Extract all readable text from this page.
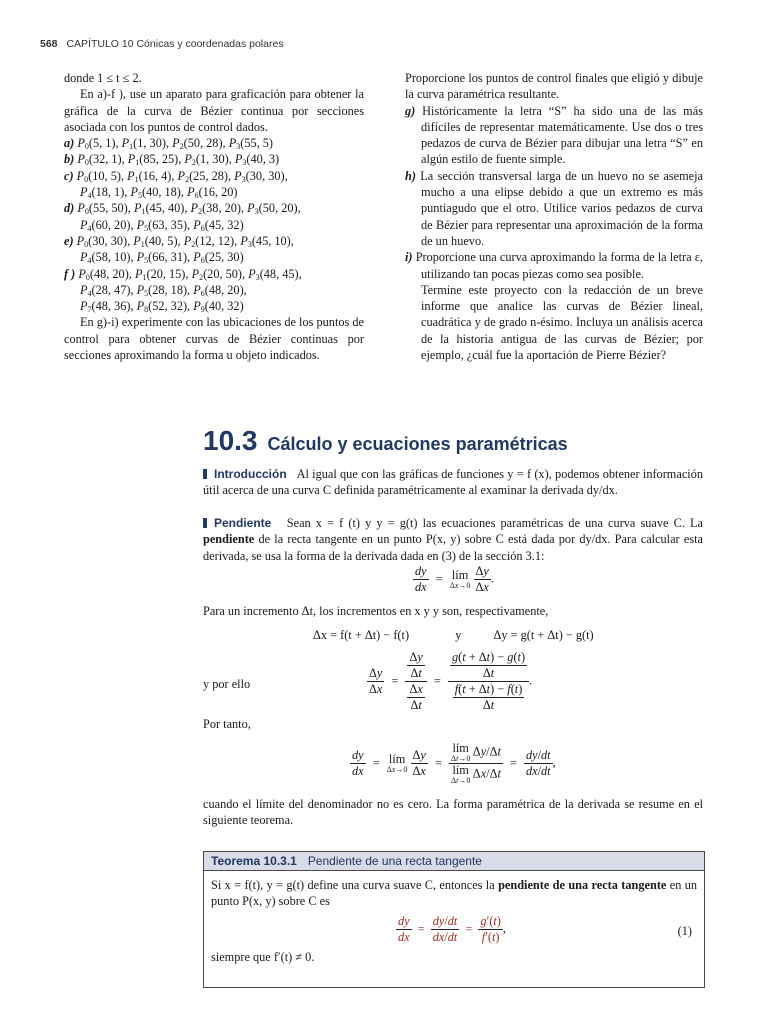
568 CAPÍTULO 10 Cónicas y coordenadas polares

donde 1 ≤ t ≤ 2.

En a)-f ), use un aparato para graficación para obtener la gráfica de la curva de Bézier continua por secciones asociada con los puntos de control dados.

a) $P_0(5$, 1), $P_1(1$, 30), $P_2(50$, 28), $P_3(55$, 5)

b) $P_0(32$, 1), $P_1(85$, 25), $P_2(1$, 30), $P_3(40$, 3)

c) $P_0(10$, 5), $P_1(16$, 4), $P_2(25$, 28), $P_3(30$, 30),

$P_4(18$, 1), $P_5(40$, 18), $P_6(16$, 20)

d) $P_0(55$, 50), $P_1(45$, 40), $P_2(38$, 20), $P_3(50$, 20),

$P_4(60$, 20), $P_5(63$, 35), $P_6(45$, 32)

e) $P_0(30$, 30), $P_1(40$, 5), $P_2(12$, 12), $P_3(45$, 10),

$P_4(58$, 10), $P_5(66$, 31), $P_6(25$, 30)

f ) $P_0(48$, 20), $P_1(20$, 15), $P_2(20$, 50), $P_3(48$, 45),

$P_4(28$, 47), $P_5(28$, 18), $P_6(48$, 20),

$P_7(48$, 36), $P_8(52$, 32), $P_9(40$, 32)

En g)-i) experimente con las ubicaciones de los puntos de control para obtener curvas de Bézier continuas por secciones aproximando la forma u objeto indicados.

Proporcione los puntos de control finales que eligió y dibuje la curva paramétrica resultante.

g) Históricamente la letra “S” ha sido una de las más difíciles de representar matemáticamente. Use dos o tres pedazos de curva de Bézier para dibujar una letra “S” en algún estilo de fuente simple.

h) La sección transversal larga de un huevo no se asemeja mucho a una elipse debido a que un extremo es más puntiagudo que el otro. Utilice varios pedazos de curva de Bézier para representar una aproximación de la forma de un huevo.

i) Proporcione una curva aproximando la forma de la letra ε, utilizando tan pocas piezas como sea posible.

Termine este proyecto con la redacción de un breve informe que analice las curvas de Bézier lineal, cuadrática y de grado n-ésimo. Incluya un análisis acerca de la historia antigua de las curvas de Bézier; por ejemplo, ¿cuál fue la aportación de Pierre Bézier?

10.3 Cálculo y ecuaciones paramétricas

Introducción Al igual que con las gráficas de funciones y = f (x), podemos obtener información útil acerca de una curva C definida paramétricamente al examinar la derivada dy/dx.

Pendiente Sean x = f (t) y y = g(t) las ecuaciones paramétricas de una curva suave C. La pendiente de la recta tangente en un punto P(x, y) sobre C está dada por dy/dx. Para calcular esta derivada, se usa la forma de la derivada dada en (3) de la sección 3.1:

$\frac{dy}{dx}$ = lím
Δx→0
$\frac{\Delta y}{\Delta x}$ .

Para un incremento Δt, los incrementos en x y y son, respectivamente,

Δx = f(t + Δt) − f(t)	y	Δy = g(t + Δt) − g(t)

y por ello	$\frac{\Delta y}{\Delta x} = \frac{\frac{\Delta y}{\Delta t}}{\frac{\Delta x}{\Delta t}} = \frac{\frac{g(t + \Delta t) - g(t)}{\Delta t}}{\frac{f(t + \Delta t) - f(t)}{\Delta t}}$ .

Por tanto,

$\frac{dy}{dx}$ = lím
Δx→0
$\frac{\Delta y}{\Delta x}$ = lím
Δt→0
Δy/Δt
lím
Δt→0
$\Delta x/\Delta t = \frac{dy/dt}{dx/dt}$ ,

cuando el límite del denominador no es cero. La forma paramétrica de la derivada se resume en el siguiente teorema.

Teorema 10.3.1 Pendiente de una recta tangente
Si x = f(t), y = g(t) define una curva suave C, entonces la pendiente de una recta tangente en un punto P(x, y) sobre C es
$\frac{dy}{dx} = \frac{dy/dt}{dx/dt} = \frac{g'(t)}{f'(t)}$ ,	(1)
siempre que f′(t) ≠ 0.
